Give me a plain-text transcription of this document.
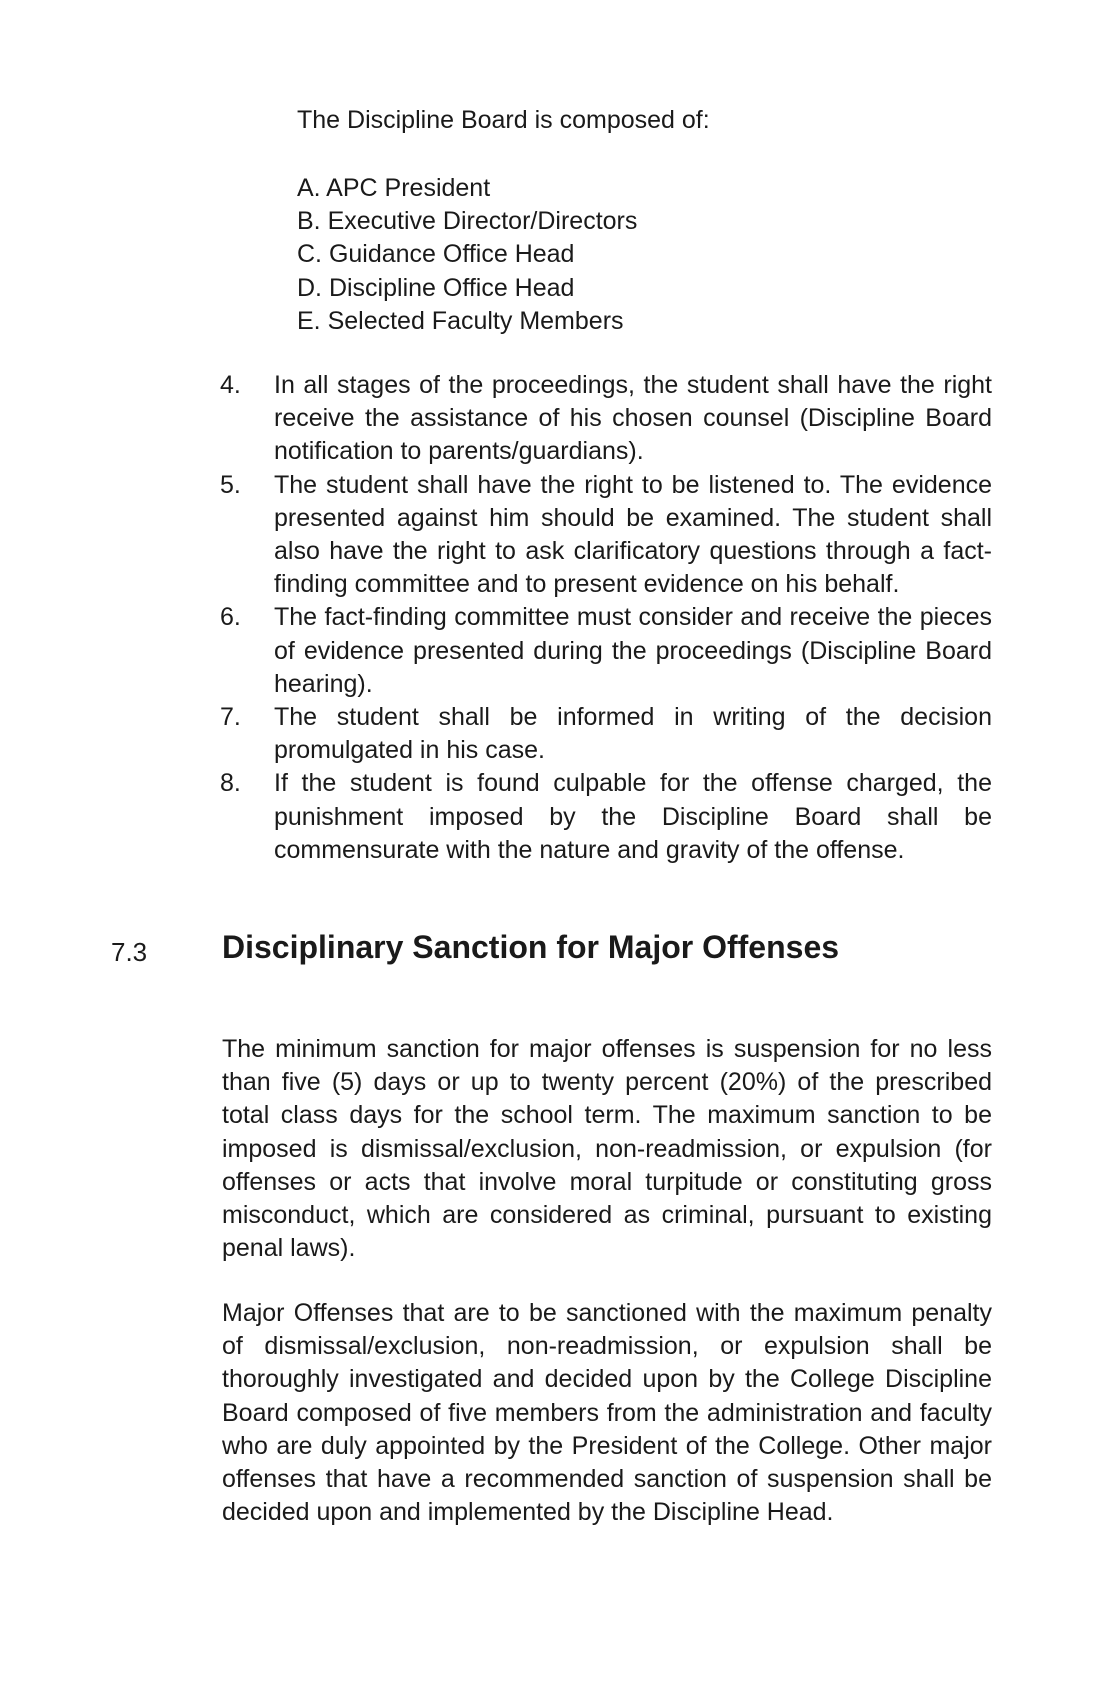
The Discipline Board is composed of:

A. APC President
B. Executive Director/Directors
C. Guidance Office Head
D. Discipline Office Head
E. Selected Faculty Members
4. In all stages of the proceedings, the student shall have the right receive the assistance of his chosen counsel (Discipline Board notification to parents/guardians).
5. The student shall have the right to be listened to. The evidence presented against him should be examined. The student shall also have the right to ask clarificatory questions through a fact-finding committee and to present evidence on his behalf.
6. The fact-finding committee must consider and receive the pieces of evidence presented during the proceedings (Discipline Board hearing).
7. The student shall be informed in writing of the decision promulgated in his case.
8. If the student is found culpable for the offense charged, the punishment imposed by the Discipline Board shall be commensurate with the nature and gravity of the offense.
7.3 Disciplinary Sanction for Major Offenses

The minimum sanction for major offenses is suspension for no less than five (5) days or up to twenty percent (20%) of the prescribed total class days for the school term. The maximum sanction to be imposed is dismissal/exclusion, non-readmission, or expulsion (for offenses or acts that involve moral turpitude or constituting gross misconduct, which are considered as criminal, pursuant to existing penal laws).

Major Offenses that are to be sanctioned with the maximum penalty of dismissal/exclusion, non-readmission, or expulsion shall be thoroughly investigated and decided upon by the College Discipline Board composed of five members from the administration and faculty who are duly appointed by the President of the College. Other major offenses that have a recommended sanction of suspension shall be decided upon and implemented by the Discipline Head.
